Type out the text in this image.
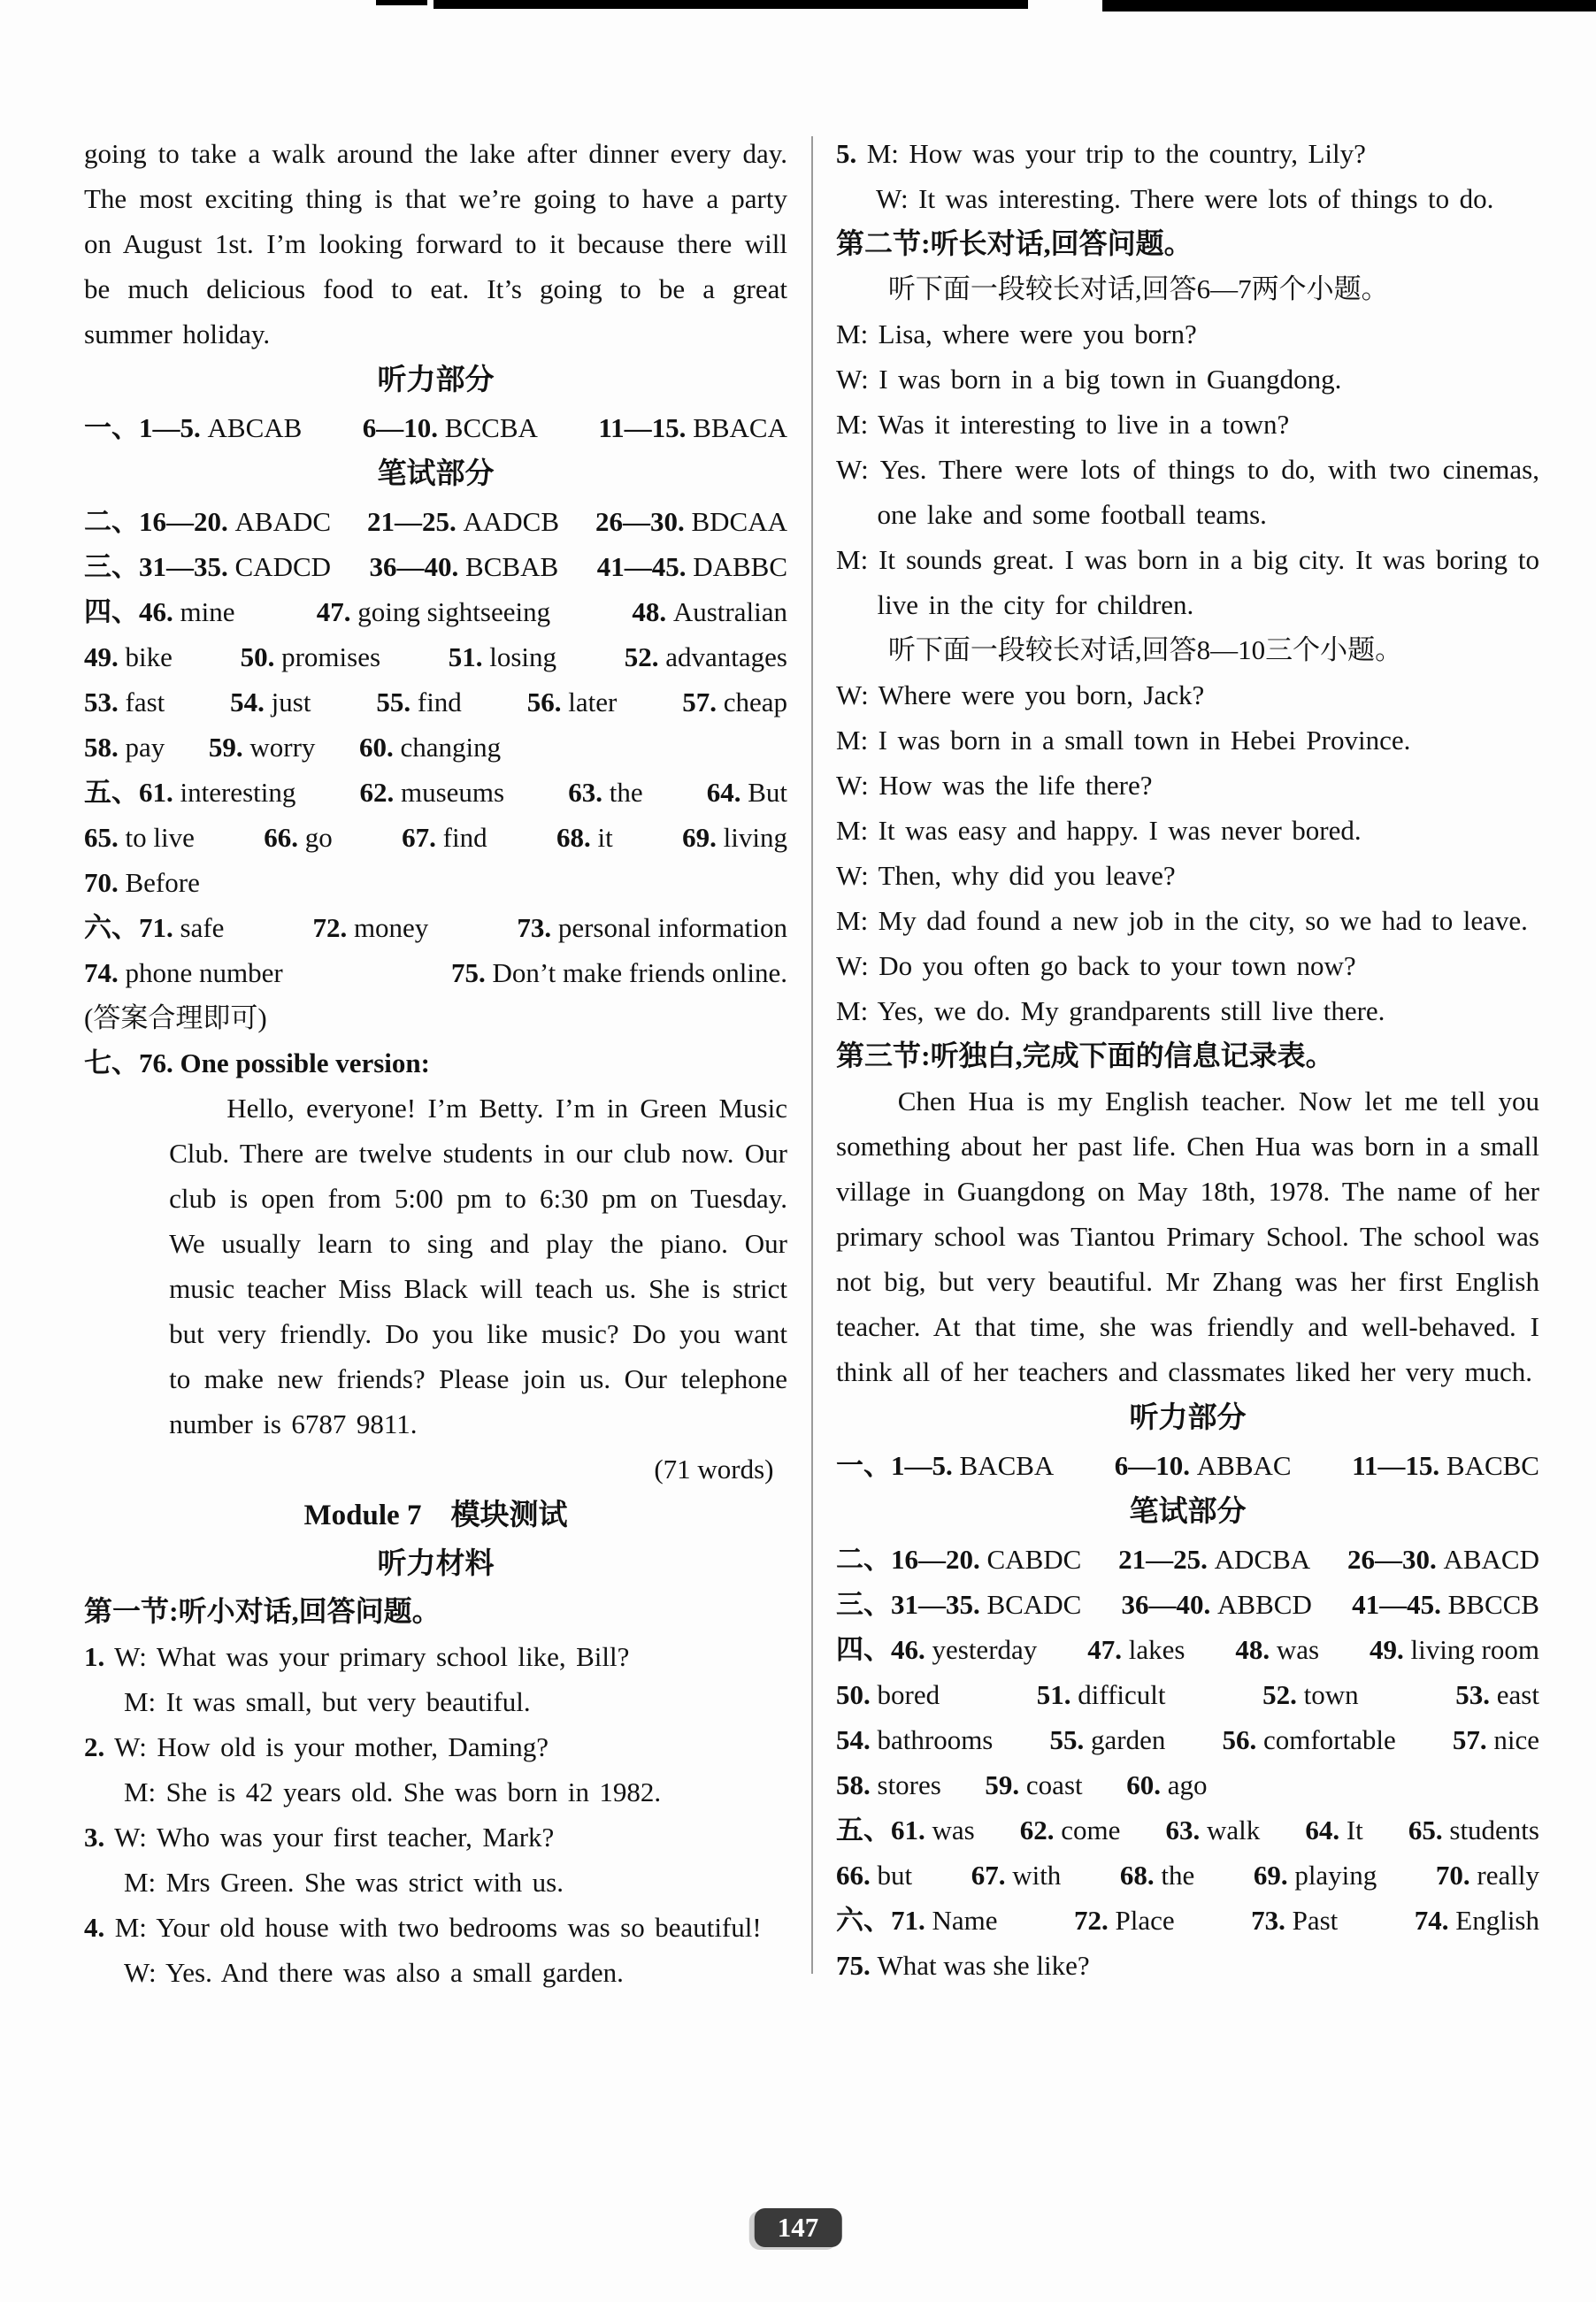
going to take a walk around the lake after dinner every day. The most exciting thing is that we’re going to have a party on August 1st. I’m looking forward to it because there will be much delicious food to eat. It’s going to be a great summer holiday.
听力部分
一、1—5. ABCAB 6—10. BCCBA 11—15. BBACA
笔试部分
二、16—20. ABADC 21—25. AADCB 26—30. BDCAA
三、31—35. CADCD 36—40. BCBAB 41—45. DABBC
四、46. mine	47. going sightseeing	48. Australian
49. bike 50. promises 51. losing 52. advantages
53. fast 54. just 55. find 56. later 57. cheap
58. pay 59. worry 60. changing
五、61. interesting 62. museums 63. the 64. But
65. to live	66. go	67. find	68. it	69. living
70. Before
六、71. safe	72. money	73. personal information
74. phone number	75. Don’t make friends online.
(答案合理即可)
七、76. One possible version:
Hello, everyone! I’m Betty. I’m in Green Music Club. There are twelve students in our club now. Our club is open from 5:00 pm to 6:30 pm on Tuesday. We usually learn to sing and play the piano. Our music teacher Miss Black will teach us. She is strict but very friendly. Do you like music? Do you want to make new friends? Please join us. Our telephone number is 6787 9811.
(71 words)
Module 7　模块测试
听力材料
第一节:听小对话,回答问题。
1. W: What was your primary school like, Bill?
M: It was small, but very beautiful.
2. W: How old is your mother, Daming?
M: She is 42 years old. She was born in 1982.
3. W: Who was your first teacher, Mark?
M: Mrs Green. She was strict with us.
4. M: Your old house with two bedrooms was so beautiful!
W: Yes. And there was also a small garden.
5. M: How was your trip to the country, Lily?
W: It was interesting. There were lots of things to do.
第二节:听长对话,回答问题。
听下面一段较长对话,回答6—7两个小题。
M: Lisa, where were you born?
W: I was born in a big town in Guangdong.
M: Was it interesting to live in a town?
W: Yes. There were lots of things to do, with two cinemas, one lake and some football teams.
M: It sounds great. I was born in a big city. It was boring to live in the city for children.
听下面一段较长对话,回答8—10三个小题。
W: Where were you born, Jack?
M: I was born in a small town in Hebei Province.
W: How was the life there?
M: It was easy and happy. I was never bored.
W: Then, why did you leave?
M: My dad found a new job in the city, so we had to leave.
W: Do you often go back to your town now?
M: Yes, we do. My grandparents still live there.
第三节:听独白,完成下面的信息记录表。
Chen Hua is my English teacher. Now let me tell you something about her past life. Chen Hua was born in a small village in Guangdong on May 18th, 1978. The name of her primary school was Tiantou Primary School. The school was not big, but very beautiful. Mr Zhang was her first English teacher. At that time, she was friendly and well-behaved. I think all of her teachers and classmates liked her very much.
听力部分
一、1—5. BACBA 6—10. ABBAC 11—15. BACBC
笔试部分
二、16—20. CABDC 21—25. ADCBA 26—30. ABACD
三、31—35. BCADC 36—40. ABBCD 41—45. BBCCB
四、46. yesterday 47. lakes 48. was 49. living room
50. bored	51. difficult	52. town	53. east
54. bathrooms 55. garden 56. comfortable 57. nice
58. stores 59. coast 60. ago
五、61. was 62. come 63. walk 64. It 65. students
66. but 67. with 68. the 69. playing 70. really
六、71. Name	72. Place	73. Past	74. English
75. What was she like?
147
